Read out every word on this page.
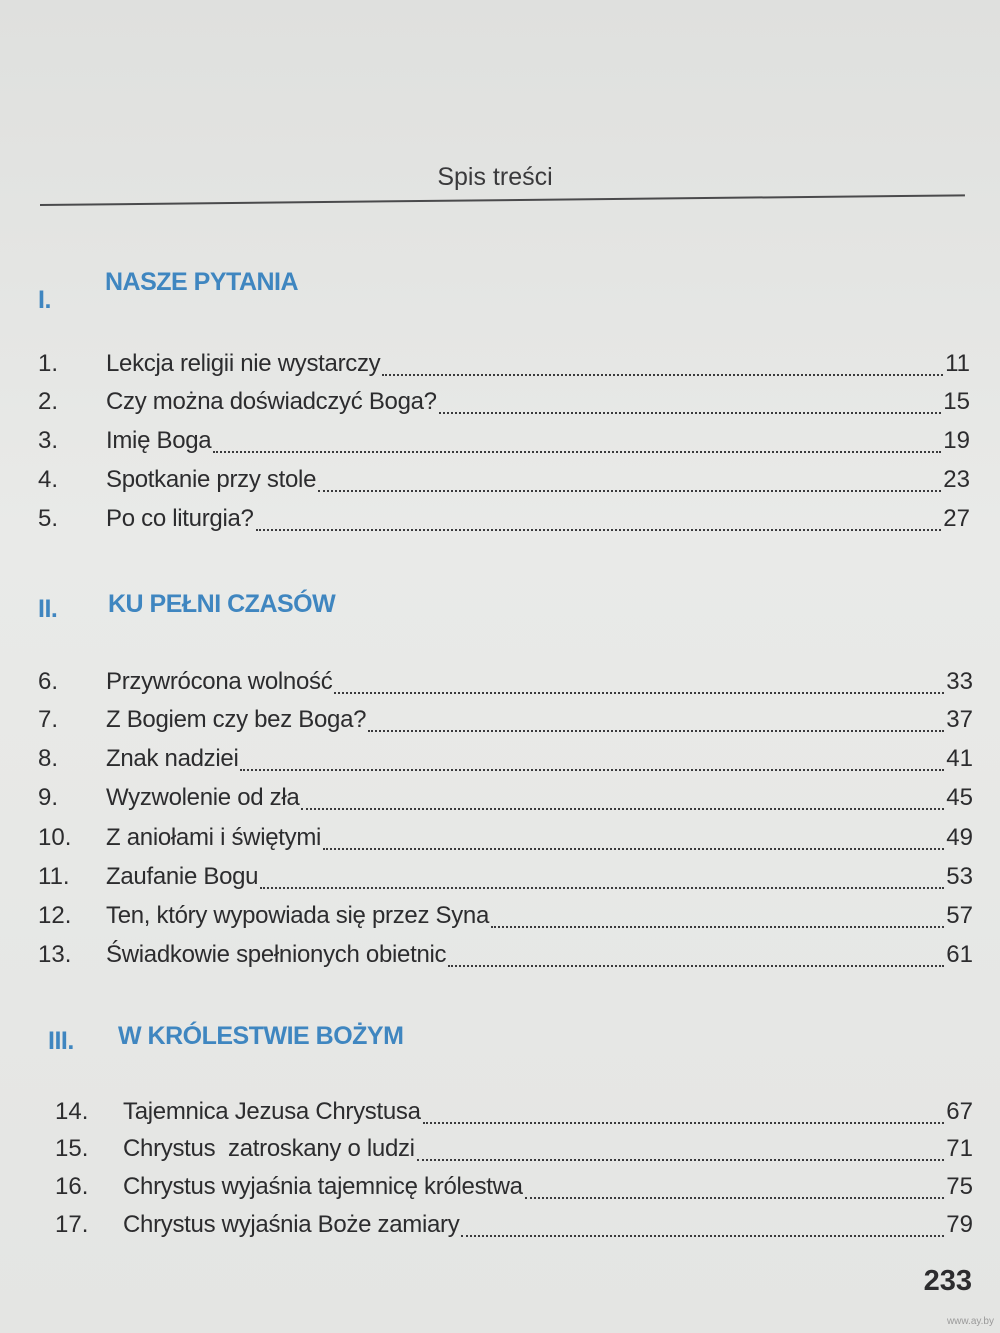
Spis treści
I.
NASZE PYTANIA
1.	Lekcja religii nie wystarczy	11
2.	Czy można doświadczyć Boga?	15
3.	Imię Boga	19
4.	Spotkanie przy stole	23
5.	Po co liturgia?	27
II. KU PEŁNI CZASÓW
6.	Przywrócona wolność	33
7.	Z Bogiem czy bez Boga?	37
8.	Znak nadziei	41
9.	Wyzwolenie od zła	45
10.	Z aniołami i świętymi	49
11.	Zaufanie Bogu	53
12.	Ten, który wypowiada się przez Syna	57
13.	Świadkowie spełnionych obietnic	61
III. W KRÓLESTWIE BOŻYM
14.	Tajemnica Jezusa Chrystusa	67
15.	Chrystus  zatroskany o ludzi	71
16.	Chrystus wyjaśnia tajemnicę królestwa	75
17.	Chrystus wyjaśnia Boże zamiary	79
233
www.ay.by
